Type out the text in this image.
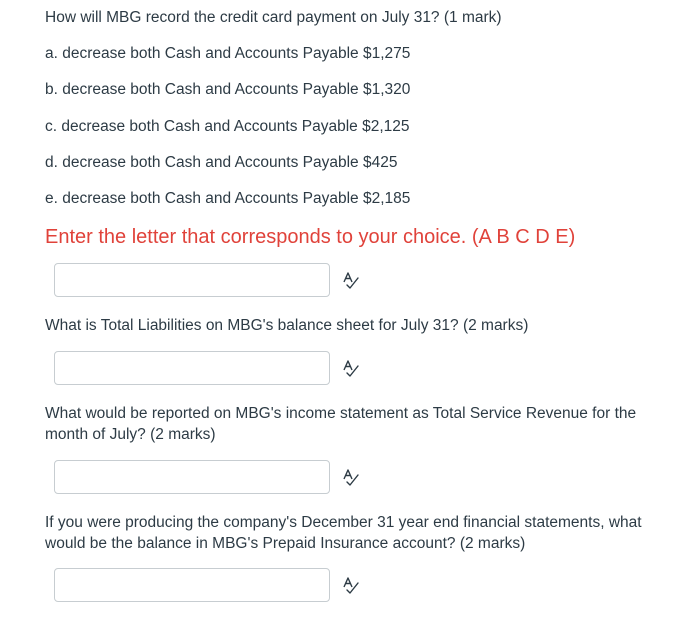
How will MBG record the credit card payment on July 31? (1 mark)
a. decrease both Cash and Accounts Payable $1,275
b. decrease both Cash and Accounts Payable $1,320
c. decrease both Cash and Accounts Payable $2,125
d. decrease both Cash and Accounts Payable $425
e. decrease both Cash and Accounts Payable $2,185
Enter the letter that corresponds to your choice. (A B C D E)
What is Total Liabilities on MBG's balance sheet for July 31? (2 marks)
What would be reported on MBG's income statement as Total Service Revenue for the month of July? (2 marks)
If you were producing the company's December 31 year end financial statements, what would be the balance in MBG's Prepaid Insurance account? (2 marks)
